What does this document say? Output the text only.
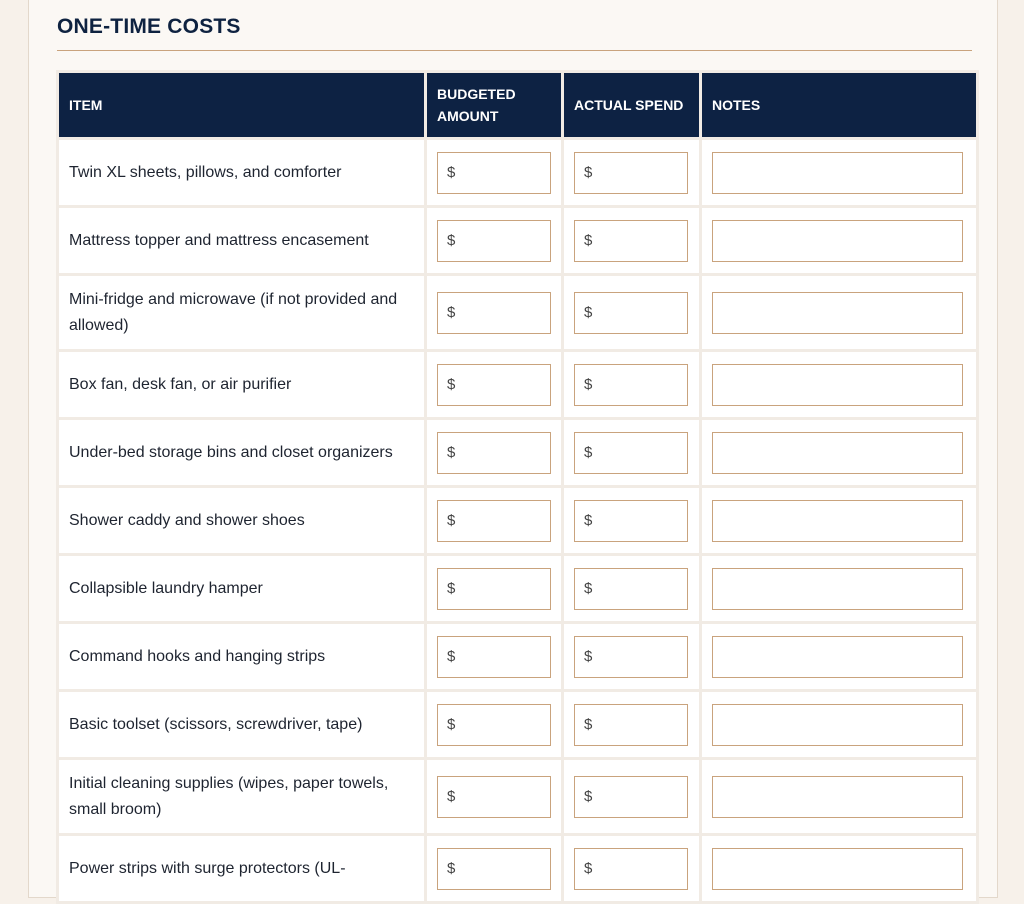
ONE-TIME COSTS
ITEM	BUDGETED AMOUNT	ACTUAL SPEND	NOTES
Twin XL sheets, pillows, and comforter	$	$	

Mattress topper and mattress encasement	$	$	

Mini-fridge and microwave (if not provided and allowed)	$	$	

Box fan, desk fan, or air purifier	$	$	

Under-bed storage bins and closet organizers	$	$	

Shower caddy and shower shoes	$	$	

Collapsible laundry hamper	$	$	

Command hooks and hanging strips	$	$	

Basic toolset (scissors, screwdriver, tape)	$	$	

Initial cleaning supplies (wipes, paper towels, small broom)	$	$	

Power strips with surge protectors (UL-	$	$	
